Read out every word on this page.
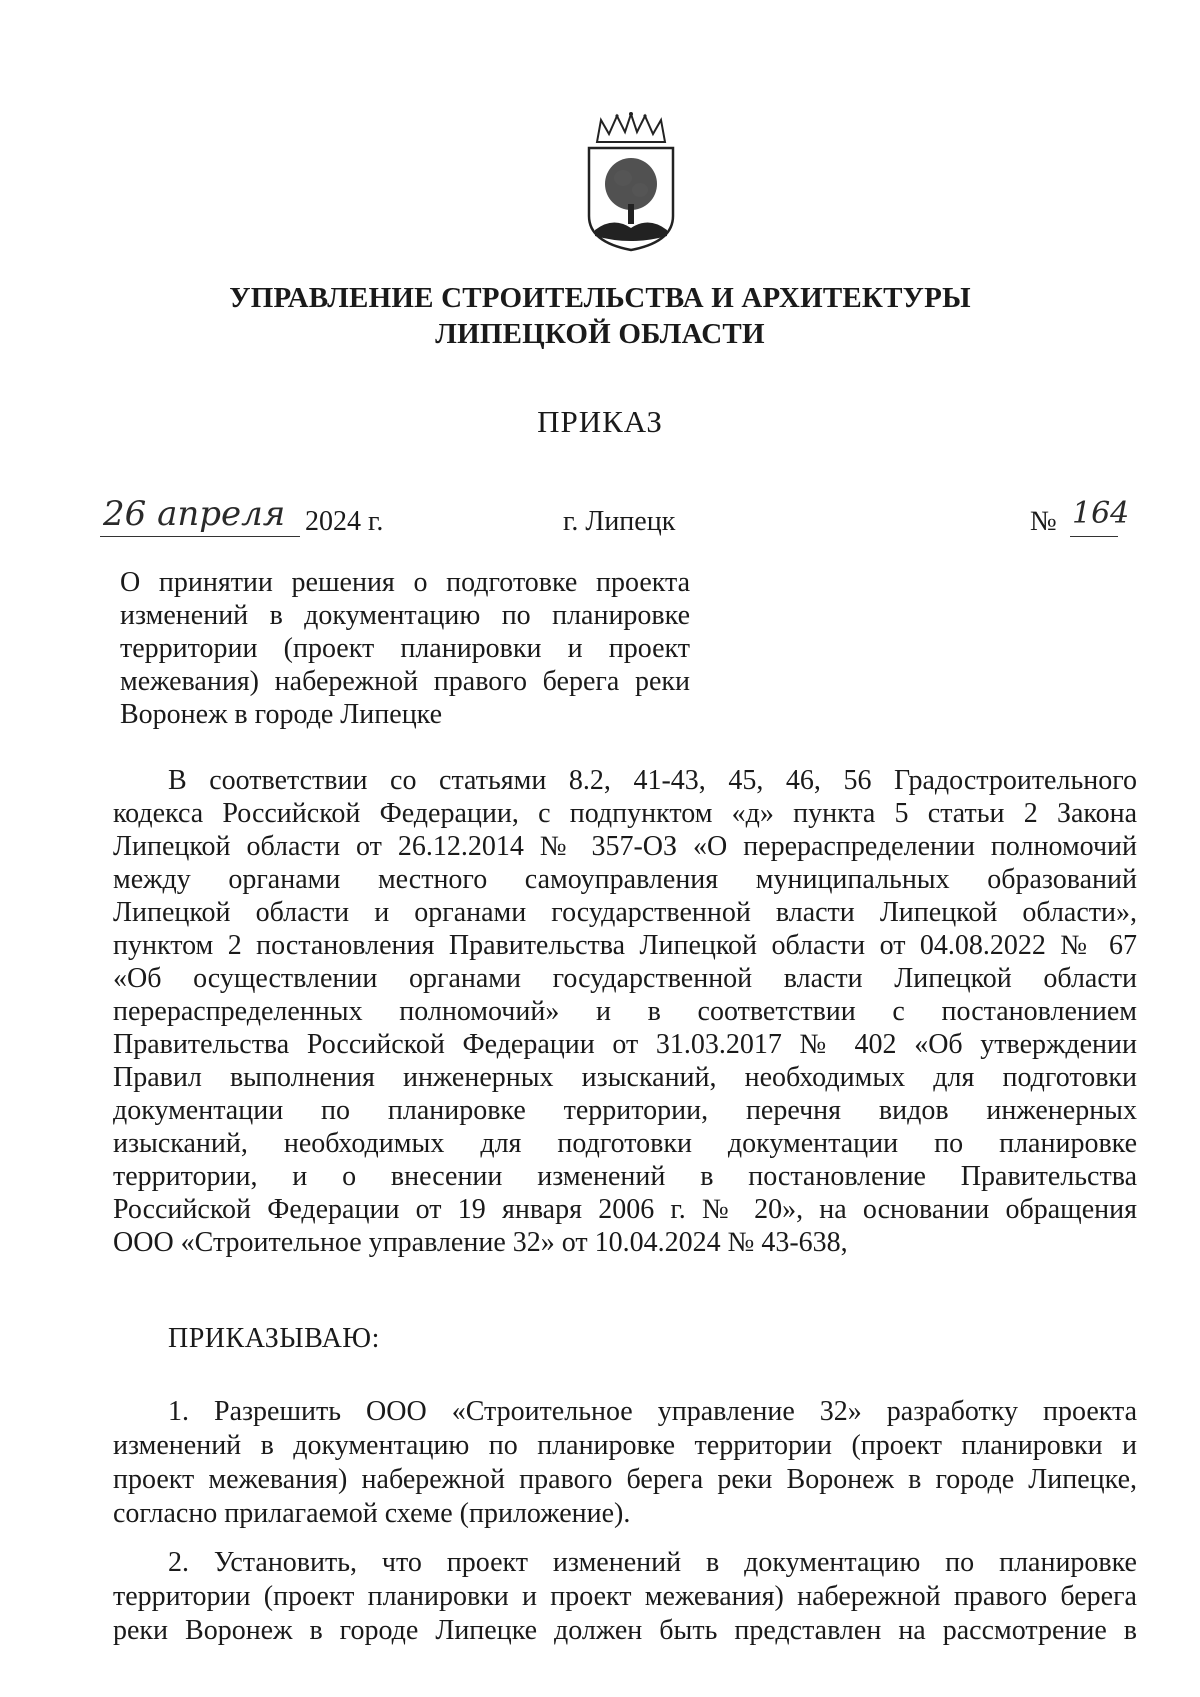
УПРАВЛЕНИЕ СТРОИТЕЛЬСТВА И АРХИТЕКТУРЫ
ЛИПЕЦКОЙ ОБЛАСТИ
ПРИКАЗ
26 апреля 2024 г.	г. Липецк	№ 164
О принятии решения о подготовке проекта
изменений в документацию по планировке
территории (проект планировки и проект
межевания) набережной правого берега реки
Воронеж в городе Липецке
В соответствии со статьями 8.2, 41-43, 45, 46, 56 Градостроительного
кодекса Российской Федерации, с подпунктом «д» пункта 5 статьи 2 Закона
Липецкой области от 26.12.2014 № 357-ОЗ «О перераспределении полномочий
между органами местного самоуправления муниципальных образований
Липецкой области и органами государственной власти Липецкой области»,
пунктом 2 постановления Правительства Липецкой области от 04.08.2022 № 67
«Об осуществлении органами государственной власти Липецкой области
перераспределенных полномочий» и в соответствии с постановлением
Правительства Российской Федерации от 31.03.2017 № 402 «Об утверждении
Правил выполнения инженерных изысканий, необходимых для подготовки
документации по планировке территории, перечня видов инженерных
изысканий, необходимых для подготовки документации по планировке
территории, и о внесении изменений в постановление Правительства
Российской Федерации от 19 января 2006 г. № 20», на основании обращения
ООО «Строительное управление 32» от 10.04.2024 № 43-638,
ПРИКАЗЫВАЮ:
1. Разрешить ООО «Строительное управление 32» разработку проекта
изменений в документацию по планировке территории (проект планировки и
проект межевания) набережной правого берега реки Воронеж в городе Липецке,
согласно прилагаемой схеме (приложение).
2. Установить, что проект изменений в документацию по планировке
территории (проект планировки и проект межевания) набережной правого берега
реки Воронеж в городе Липецке должен быть представлен на рассмотрение в
